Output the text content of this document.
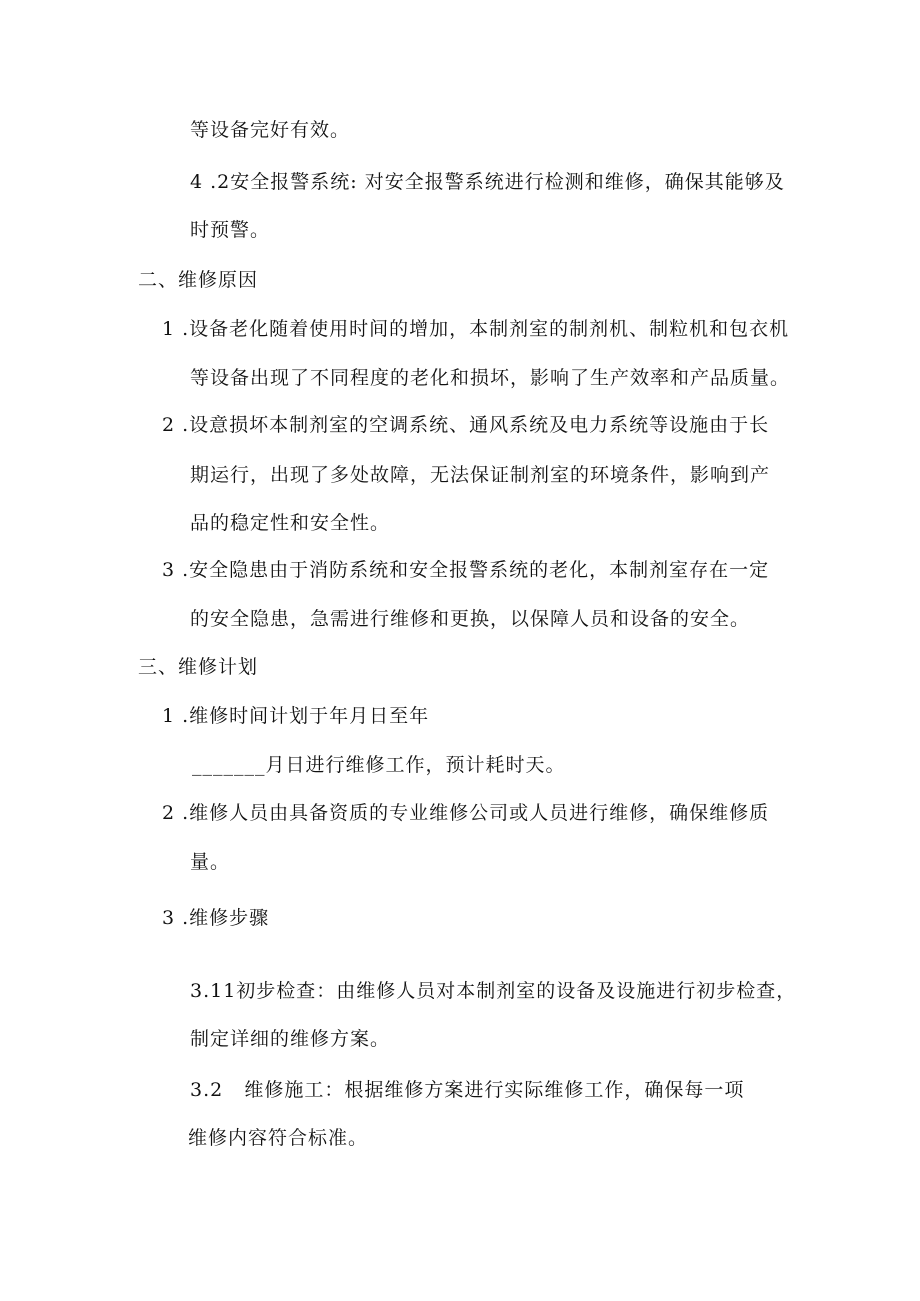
等设备完好有效。
4 .2安全报警系统: 对安全报警系统进行检测和维修，确保其能够及
时预警。
二、维修原因
1 .设备老化随着使用时间的增加，本制剂室的制剂机、制粒机和包衣机
等设备出现了不同程度的老化和损坏，影响了生产效率和产品质量。
2 .设意损坏本制剂室的空调系统、通风系统及电力系统等设施由于长
期运行，出现了多处故障，无法保证制剂室的环境条件，影响到产
品的稳定性和安全性。
3 .安全隐患由于消防系统和安全报警系统的老化，本制剂室存在一定
的安全隐患，急需进行维修和更换，以保障人员和设备的安全。
三、维修计划
1 .维修时间计划于年月日至年
_______月日进行维修工作，预计耗时天。
2 .维修人员由具备资质的专业维修公司或人员进行维修，确保维修质
量。
3 .维修步骤
3.11初步检查：由维修人员对本制剂室的设备及设施进行初步检查，
制定详细的维修方案。
3.2   维修施工：根据维修方案进行实际维修工作，确保每一项
维修内容符合标准。
